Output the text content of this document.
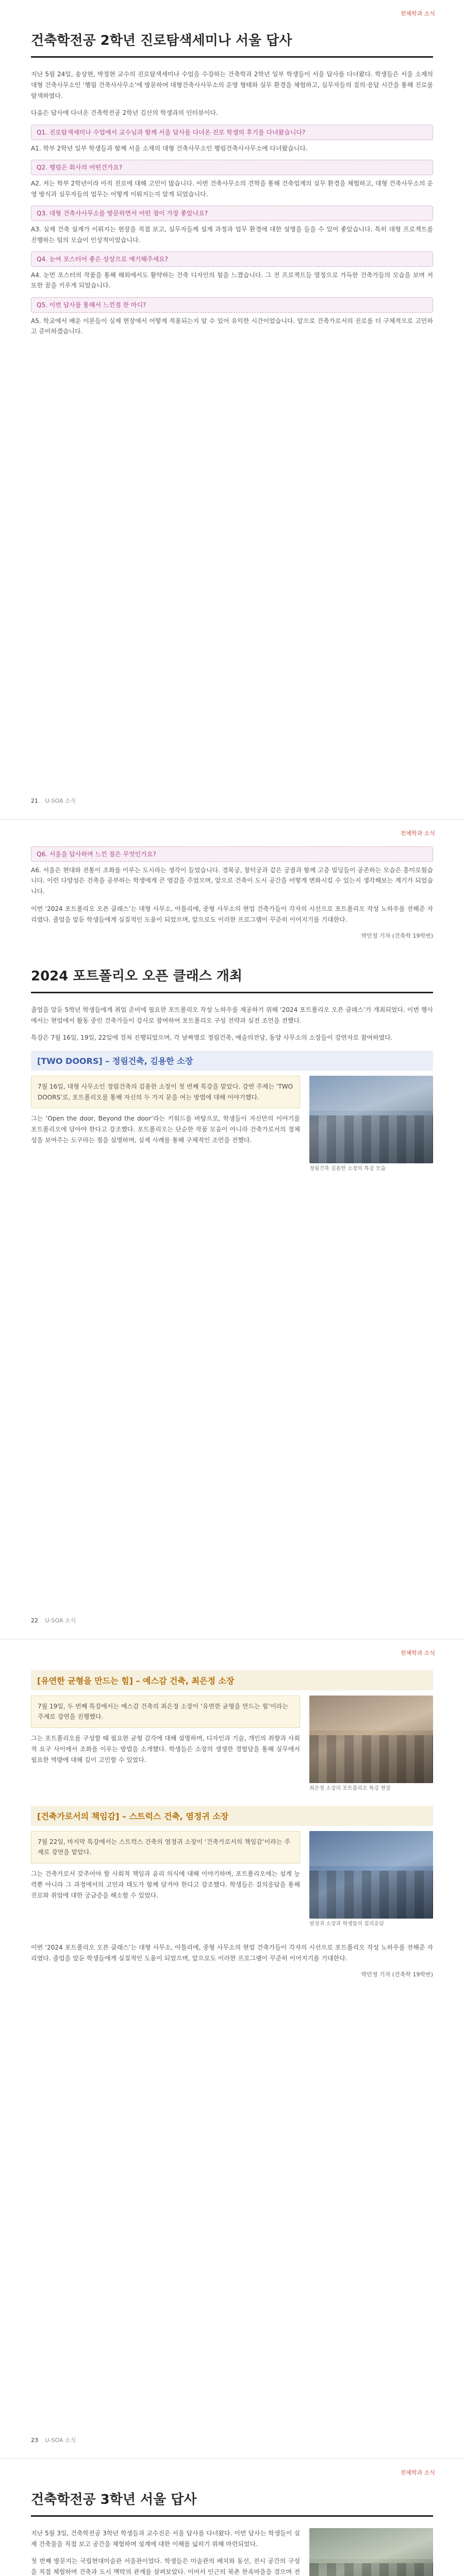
전체학과 소식
건축학전공 2학년 진로탐색세미나 서울 답사

지난 5월 24일, 송상현, 박정현 교수의 진로탐색세미나 수업을 수강하는 건축학과 2학년 일부 학생들이 서울 답사를 다녀왔다. 학생들은 서울 소재의 대형 건축사무소인 ‘행림 건축사사무소’에 방문하여 대형건축사사무소의 운영 형태와 실무 환경을 체험하고, 실무자들의 질의·응답 시간을 통해 진로를 탐색하였다.

다음은 답사에 다녀온 건축학전공 2학년 김산의 학생과의 인터뷰이다.

Q1. 진로탐색세미나 수업에서 교수님과 함께 서울 답사를 다녀온 진로 학생의 후기를 다녀왔습니다?

A1. 학부 2학년 일부 학생들과 함께 서울 소재의 대형 건축사무소인 행림건축사사무소에 다녀왔습니다.

Q2. 행림은 회사의 어떤건가요?

A2. 저는 학부 2학년이라 아직 진로에 대해 고민이 많습니다. 이번 건축사무소의 견학을 통해 건축업계의 실무 환경을 체험하고, 대형 건축사무소의 운영 방식과 실무자들의 업무는 어떻게 이뤄지는지 알게 되었습니다.

Q3. 대형 건축사사무소를 방문하면서 어떤 점이 가장 좋았나요?

A3. 실제 건축 설계가 이뤄지는 현장을 직접 보고, 실무자들께 설계 과정과 업무 환경에 대한 설명을 들을 수 있어 좋았습니다. 특히 대형 프로젝트를 진행하는 팀의 모습이 인상적이었습니다.

Q4. 눈여 포스터어 좋은 상상으로 얘기해주세요?

A4. 눈먼 포스터의 작품을 통해 해외에서도 활약하는 건축 디자인의 힘을 느꼈습니다. 그 전 프로젝트들 열정으로 가득한 건축가들의 모습을 보며 저 또한 꿈을 키우게 되었습니다.

Q5. 이번 답사를 통해서 느낀점 한 마디?

A5. 학교에서 배운 이론들이 실제 현장에서 어떻게 적용되는지 알 수 있어 유익한 시간이었습니다. 앞으로 건축가로서의 진로를 더 구체적으로 고민하고 준비하겠습니다.

21 U-SOA 소식
전체학과 소식
Q6. 서울을 답사하며 느낀 점은 무엇인가요?

A6. 서울은 현대와 전통이 조화를 이루는 도시라는 생각이 들었습니다. 경복궁, 창덕궁과 같은 궁궐과 함께 고층 빌딩들이 공존하는 모습은 흥미로웠습니다. 이런 다양성은 건축을 공부하는 학생에게 큰 영감을 주었으며, 앞으로 건축이 도시 공간을 어떻게 변화시킬 수 있는지 생각해보는 계기가 되었습니다.

이번 ‘2024 포트폴리오 오픈 클래스’는 대형 사무소, 아틀리에, 중형 사무소의 현업 건축가들이 각자의 시선으로 포트폴리오 작성 노하우를 전해준 자리였다. 졸업을 앞둔 학생들에게 실질적인 도움이 되었으며, 앞으로도 이러한 프로그램이 꾸준히 이어지기를 기대한다.

박민정 기자 (건축학 19학번)
2024 포트폴리오 오픈 클래스 개최

졸업을 앞둔 5학년 학생들에게 취업 준비에 필요한 포트폴리오 작성 노하우를 제공하기 위해 ‘2024 포트폴리오 오픈 클래스’가 개최되었다. 이번 행사에서는 현업에서 활동 중인 건축가들이 강사로 참여하여 포트폴리오 구성 전략과 실전 조언을 전했다.

특강은 7월 16일, 19일, 22일에 걸쳐 진행되었으며, 각 날짜별로 정림건축, 예술의전당, 동양 사무소의 소장들이 강연자로 참여하였다.

[TWO DOORS] – 정림건축, 김용한 소장
7월 16일, 대형 사무소인 정림건축의 김용한 소장이 첫 번째 특강을 맡았다. 강연 주제는 ‘TWO DOORS’로, 포트폴리오를 통해 자신의 두 가지 문을 여는 방법에 대해 이야기했다.

그는 ‘Open the door, Beyond the door’라는 키워드를 바탕으로, 학생들이 자신만의 이야기를 포트폴리오에 담아야 한다고 강조했다. 포트폴리오는 단순한 작품 모음이 아니라 건축가로서의 정체성을 보여주는 도구라는 점을 설명하며, 실제 사례를 통해 구체적인 조언을 전했다.

정림건축 김용한 소장의 특강 모습
22 U-SOA 소식
전체학과 소식
[유연한 균형을 만드는 힘] – 예스감 건축, 최은정 소장
7월 19일, 두 번째 특강에서는 예스감 건축의 최은정 소장이 ‘유연한 균형을 만드는 힘’이라는 주제로 강연을 진행했다.

그는 포트폴리오를 구성할 때 필요한 균형 감각에 대해 설명하며, 디자인과 기술, 개인의 취향과 사회적 요구 사이에서 조화를 이루는 방법을 소개했다. 학생들은 소장의 생생한 경험담을 통해 실무에서 필요한 역량에 대해 깊이 고민할 수 있었다.

최은정 소장의 포트폴리오 특강 현장
[건축가로서의 책임감] – 스트럭스 건축, 염정귀 소장
7월 22일, 마지막 특강에서는 스트럭스 건축의 염정귀 소장이 ‘건축가로서의 책임감’이라는 주제로 강연을 맡았다.

그는 건축가로서 갖추어야 할 사회적 책임과 윤리 의식에 대해 이야기하며, 포트폴리오에는 설계 능력뿐 아니라 그 과정에서의 고민과 태도가 함께 담겨야 한다고 강조했다. 학생들은 질의응답을 통해 진로와 취업에 대한 궁금증을 해소할 수 있었다.

염정귀 소장과 학생들의 질의응답

이번 ‘2024 포트폴리오 오픈 클래스’는 대형 사무소, 아틀리에, 중형 사무소의 현업 건축가들이 각자의 시선으로 포트폴리오 작성 노하우를 전해준 자리였다. 졸업을 앞둔 학생들에게 실질적인 도움이 되었으며, 앞으로도 이러한 프로그램이 꾸준히 이어지기를 기대한다.

박민정 기자 (건축학 19학번)
23 U-SOA 소식
전체학과 소식
건축학전공 3학년 서울 답사

지난 5월 3일, 건축학전공 3학년 학생들과 교수진은 서울 답사를 다녀왔다. 이번 답사는 학생들이 실제 건축물을 직접 보고 공간을 체험하며 설계에 대한 이해를 넓히기 위해 마련되었다.

첫 번째 방문지는 국립현대미술관 서울관이었다. 학생들은 미술관의 배치와 동선, 전시 공간의 구성을 직접 체험하며 건축과 도시 맥락의 관계를 살펴보았다. 이어서 인근의 북촌 한옥마을을 걸으며 전
